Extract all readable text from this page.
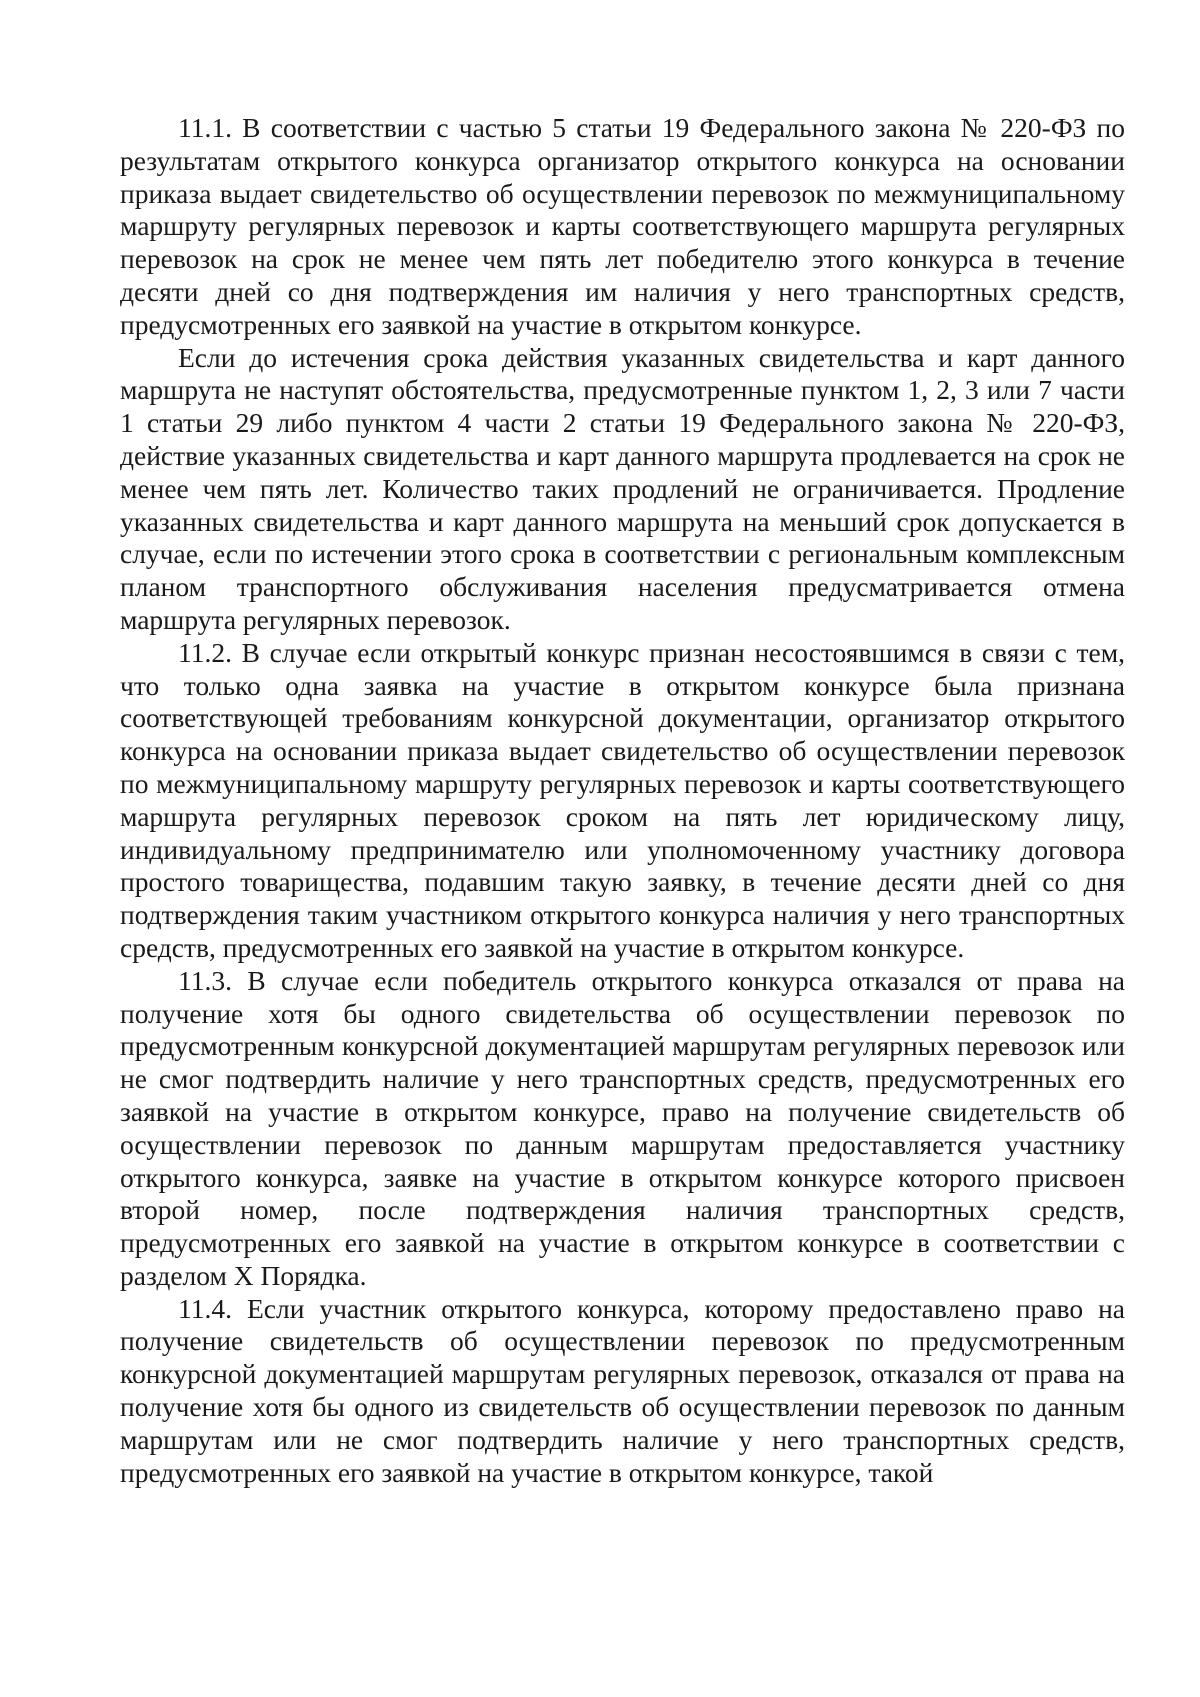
11.1. В соответствии с частью 5 статьи 19 Федерального закона № 220-ФЗ по результатам открытого конкурса организатор открытого конкурса на основании приказа выдает свидетельство об осуществлении перевозок по межмуниципальному маршруту регулярных перевозок и карты соответствующего маршрута регулярных перевозок на срок не менее чем пять лет победителю этого конкурса в течение десяти дней со дня подтверждения им наличия у него транспортных средств, предусмотренных его заявкой на участие в открытом конкурсе.

Если до истечения срока действия указанных свидетельства и карт данного маршрута не наступят обстоятельства, предусмотренные пунктом 1, 2, 3 или 7 части 1 статьи 29 либо пунктом 4 части 2 статьи 19 Федерального закона № 220-ФЗ, действие указанных свидетельства и карт данного маршрута продлевается на срок не менее чем пять лет. Количество таких продлений не ограничивается. Продление указанных свидетельства и карт данного маршрута на меньший срок допускается в случае, если по истечении этого срока в соответствии с региональным комплексным планом транспортного обслуживания населения предусматривается отмена маршрута регулярных перевозок.

11.2. В случае если открытый конкурс признан несостоявшимся в связи с тем, что только одна заявка на участие в открытом конкурсе была признана соответствующей требованиям конкурсной документации, организатор открытого конкурса на основании приказа выдает свидетельство об осуществлении перевозок по межмуниципальному маршруту регулярных перевозок и карты соответствующего маршрута регулярных перевозок сроком на пять лет юридическому лицу, индивидуальному предпринимателю или уполномоченному участнику договора простого товарищества, подавшим такую заявку, в течение десяти дней со дня подтверждения таким участником открытого конкурса наличия у него транспортных средств, предусмотренных его заявкой на участие в открытом конкурсе.

11.3. В случае если победитель открытого конкурса отказался от права на получение хотя бы одного свидетельства об осуществлении перевозок по предусмотренным конкурсной документацией маршрутам регулярных перевозок или не смог подтвердить наличие у него транспортных средств, предусмотренных его заявкой на участие в открытом конкурсе, право на получение свидетельств об осуществлении перевозок по данным маршрутам предоставляется участнику открытого конкурса, заявке на участие в открытом конкурсе которого присвоен второй номер, после подтверждения наличия транспортных средств, предусмотренных его заявкой на участие в открытом конкурсе в соответствии с разделом X Порядка.

11.4. Если участник открытого конкурса, которому предоставлено право на получение свидетельств об осуществлении перевозок по предусмотренным конкурсной документацией маршрутам регулярных перевозок, отказался от права на получение хотя бы одного из свидетельств об осуществлении перевозок по данным маршрутам или не смог подтвердить наличие у него транспортных средств, предусмотренных его заявкой на участие в открытом конкурсе, такой
